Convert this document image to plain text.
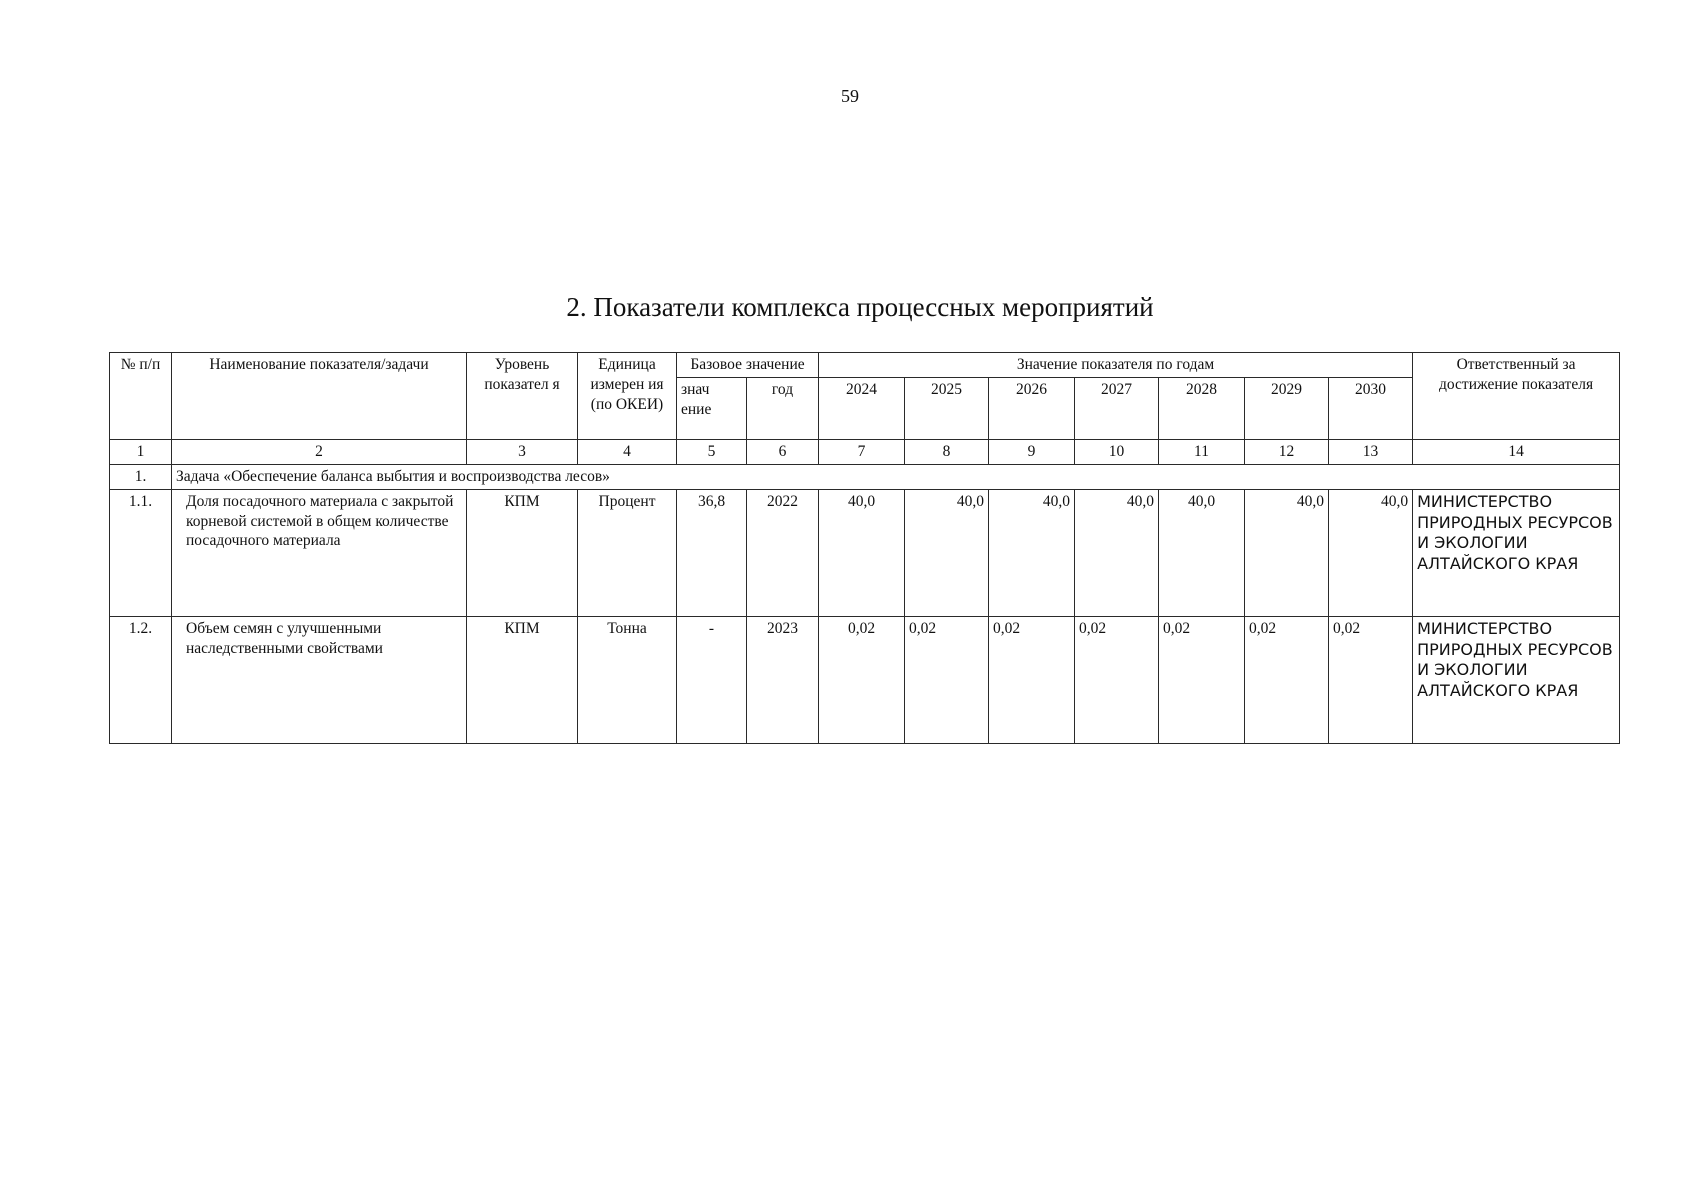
59
2. Показатели комплекса процессных мероприятий
№ п/п	Наименование показателя/задачи	Уровень показател я	Единица измерен ия (по ОКЕИ)	Базовое значение		Значение показателя по годам							Ответственный за достижение показателя
				знач ение	год	2024	2025	2026	2027	2028	2029	2030	
1	2	3	4	5	6	7	8	9	10	11	12	13	14
1.	Задача «Обеспечение баланса выбытия и воспроизводства лесов»												
1.1.	Доля посадочного материала с закрытой корневой системой в общем количестве посадочного материала	КПМ	Процент	36,8	2022	40,0	40,0	40,0	40,0	40,0	40,0	40,0	МИНИСТЕРСТВО ПРИРОДНЫХ РЕСУРСОВ И ЭКОЛОГИИ АЛТАЙСКОГО КРАЯ
1.2.	Объем семян с улучшенными наследственными свойствами	КПМ	Тонна	-	2023	0,02	0,02	0,02	0,02	0,02	0,02	0,02	МИНИСТЕРСТВО ПРИРОДНЫХ РЕСУРСОВ И ЭКОЛОГИИ АЛТАЙСКОГО КРАЯ
